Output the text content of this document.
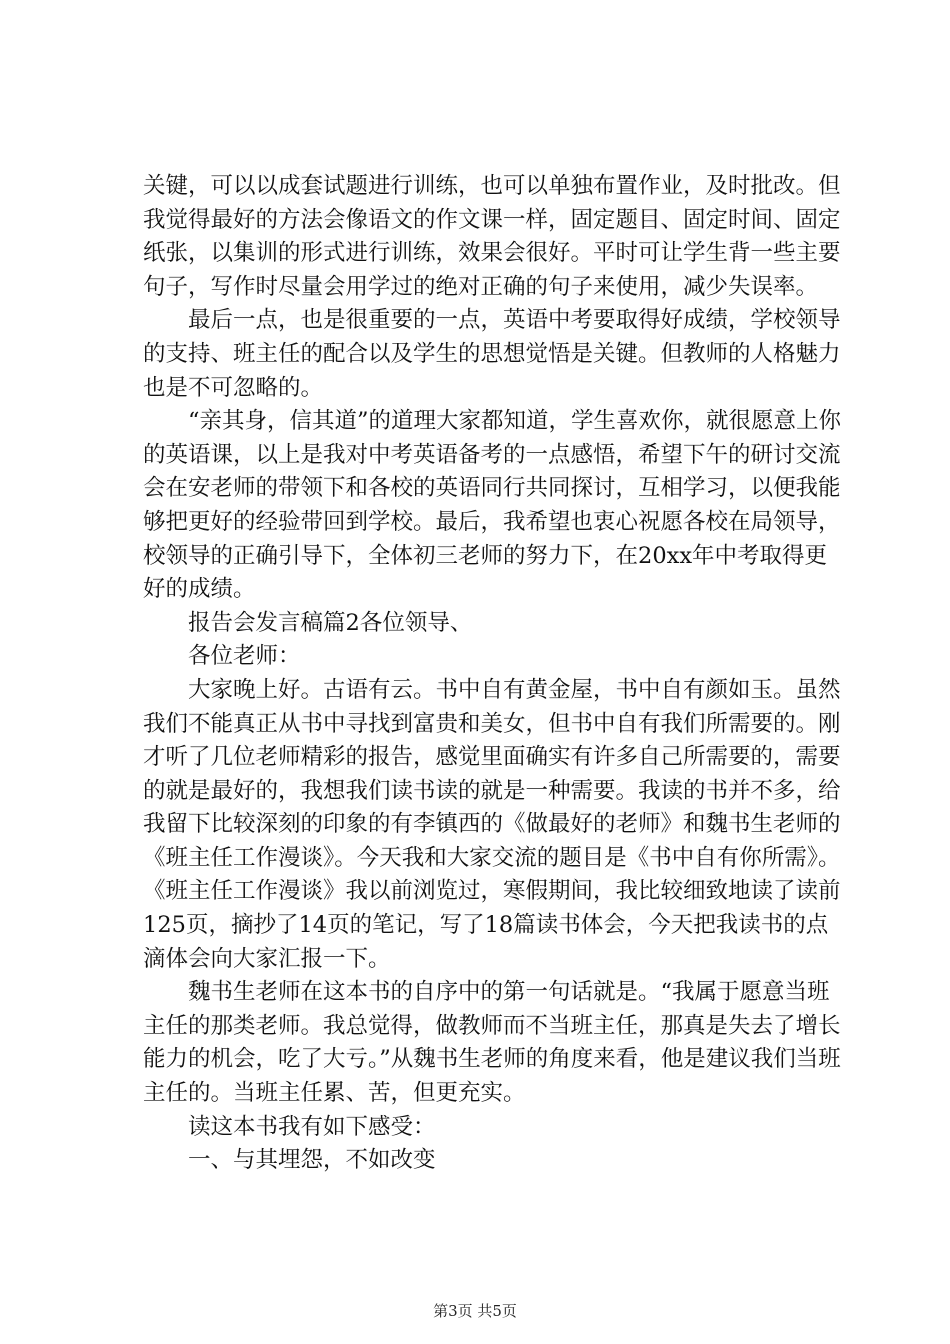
关键，可以以成套试题进行训练，也可以单独布置作业，及时批改。但我觉得最好的方法会像语文的作文课一样，固定题目、固定时间、固定纸张，以集训的形式进行训练，效果会很好。平时可让学生背一些主要句子，写作时尽量会用学过的绝对正确的句子来使用，减少失误率。

最后一点，也是很重要的一点，英语中考要取得好成绩，学校领导的支持、班主任的配合以及学生的思想觉悟是关键。但教师的人格魅力也是不可忽略的。

“亲其身，信其道”的道理大家都知道，学生喜欢你，就很愿意上你的英语课，以上是我对中考英语备考的一点感悟，希望下午的研讨交流会在安老师的带领下和各校的英语同行共同探讨，互相学习，以便我能够把更好的经验带回到学校。最后，我希望也衷心祝愿各校在局领导，校领导的正确引导下，全体初三老师的努力下，在20xx年中考取得更好的成绩。

报告会发言稿篇2各位领导、

各位老师：

大家晚上好。古语有云。书中自有黄金屋，书中自有颜如玉。虽然我们不能真正从书中寻找到富贵和美女，但书中自有我们所需要的。刚才听了几位老师精彩的报告，感觉里面确实有许多自己所需要的，需要的就是最好的，我想我们读书读的就是一种需要。我读的书并不多，给我留下比较深刻的印象的有李镇西的《做最好的老师》和魏书生老师的《班主任工作漫谈》。今天我和大家交流的题目是《书中自有你所需》。《班主任工作漫谈》我以前浏览过，寒假期间，我比较细致地读了读前125页，摘抄了14页的笔记，写了18篇读书体会，今天把我读书的点滴体会向大家汇报一下。

魏书生老师在这本书的自序中的第一句话就是。“我属于愿意当班主任的那类老师。我总觉得，做教师而不当班主任，那真是失去了增长能力的机会，吃了大亏。”从魏书生老师的角度来看，他是建议我们当班主任的。当班主任累、苦，但更充实。

读这本书我有如下感受：

一、与其埋怨，不如改变

第3页 共5页
